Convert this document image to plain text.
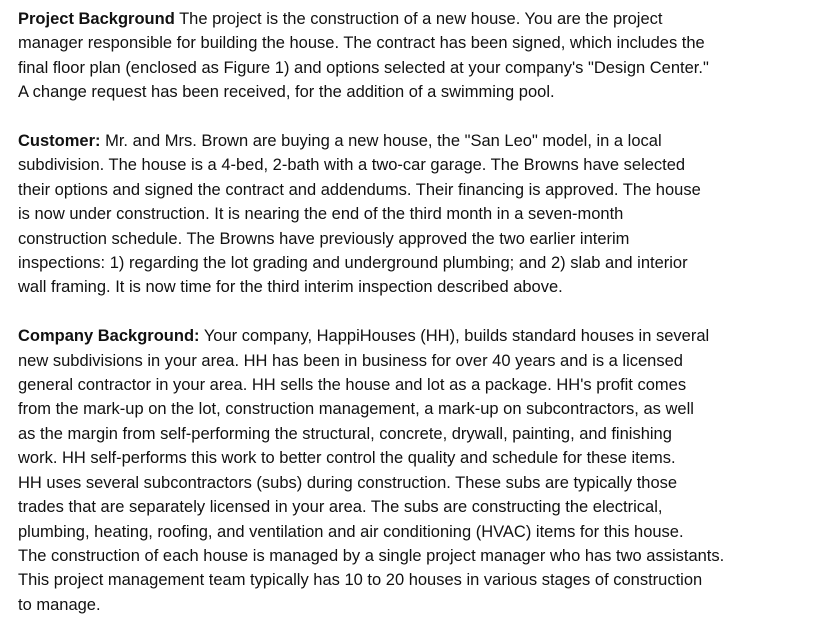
Project Background The project is the construction of a new house. You are the project
manager responsible for building the house. The contract has been signed, which includes the
final floor plan (enclosed as Figure 1) and options selected at your company's "Design Center."
A change request has been received, for the addition of a swimming pool.

Customer: Mr. and Mrs. Brown are buying a new house, the "San Leo" model, in a local
subdivision. The house is a 4-bed, 2-bath with a two-car garage. The Browns have selected
their options and signed the contract and addendums. Their financing is approved. The house
is now under construction. It is nearing the end of the third month in a seven-month
construction schedule. The Browns have previously approved the two earlier interim
inspections: 1) regarding the lot grading and underground plumbing; and 2) slab and interior
wall framing. It is now time for the third interim inspection described above.

Company Background: Your company, HappiHouses (HH), builds standard houses in several
new subdivisions in your area. HH has been in business for over 40 years and is a licensed
general contractor in your area. HH sells the house and lot as a package. HH's profit comes
from the mark-up on the lot, construction management, a mark-up on subcontractors, as well
as the margin from self-performing the structural, concrete, drywall, painting, and finishing
work. HH self-performs this work to better control the quality and schedule for these items.
HH uses several subcontractors (subs) during construction. These subs are typically those
trades that are separately licensed in your area. The subs are constructing the electrical,
plumbing, heating, roofing, and ventilation and air conditioning (HVAC) items for this house.
The construction of each house is managed by a single project manager who has two assistants.
This project management team typically has 10 to 20 houses in various stages of construction
to manage.
